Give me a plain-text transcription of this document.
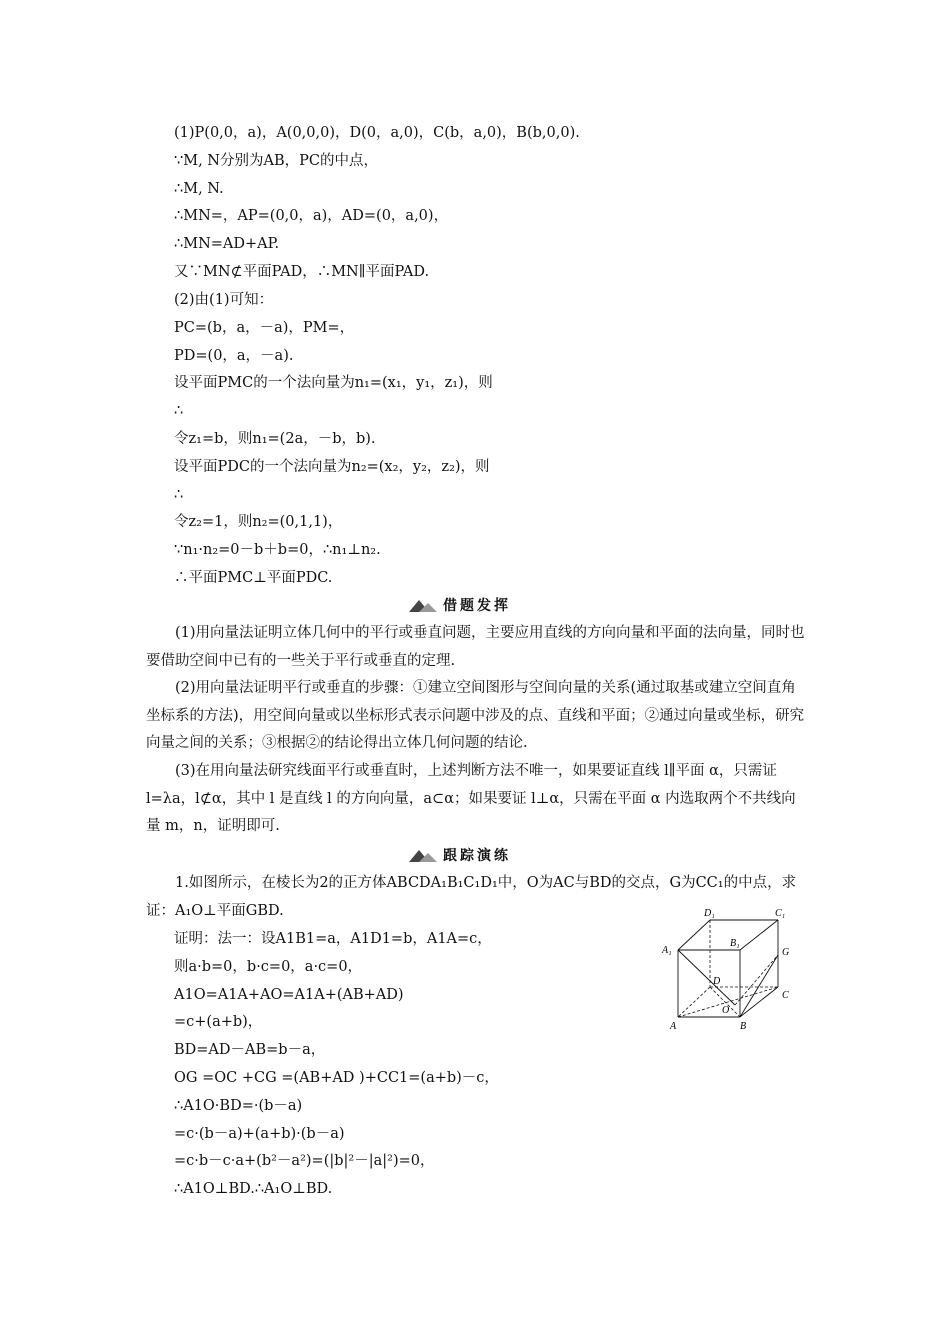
(1)P(0,0，a)，A(0,0,0)，D(0，a,0)，C(b，a,0)，B(b,0,0).
∵M, N分别为AB，PC的中点，
∴M, N.
∴MN=，AP=(0,0，a)，AD=(0，a,0)，
∴MN=AD+AP.
又∵MN⊄平面PAD，∴MN∥平面PAD.
(2)由(1)可知：
PC=(b，a，－a)，PM=，
PD=(0，a，－a).
设平面PMC的一个法向量为n₁=(x₁，y₁，z₁)，则
∴
令z₁=b，则n₁=(2a，－b，b).
设平面PDC的一个法向量为n₂=(x₂，y₂，z₂)，则
∴
令z₂=1，则n₂=(0,1,1)，
∵n₁·n₂=0－b＋b=0，∴n₁⊥n₂.
∴平面PMC⊥平面PDC.
借题发挥
(1)用向量法证明立体几何中的平行或垂直问题，主要应用直线的方向向量和平面的法向量，同时也要借助空间中已有的一些关于平行或垂直的定理.
(2)用向量法证明平行或垂直的步骤：①建立空间图形与空间向量的关系(通过取基或建立空间直角坐标系的方法)，用空间向量或以坐标形式表示问题中涉及的点、直线和平面；②通过向量或坐标，研究向量之间的关系；③根据②的结论得出立体几何问题的结论.
(3)在用向量法研究线面平行或垂直时，上述判断方法不唯一，如果要证直线 l∥平面 α，只需证 l=λa，l⊄α，其中 l 是直线 l 的方向向量，a⊂α；如果要证 l⊥α，只需在平面 α 内选取两个不共线向量 m，n，证明即可.
跟踪演练
1.如图所示，在棱长为2的正方体ABCDA₁B₁C₁D₁中，O为AC与BD的交点，G为CC₁的中点，求证：A₁O⊥平面GBD.
证明：法一：设A1B1=a，A1D1=b，A1A=c，
则a·b=0，b·c=0，a·c=0，
A1O=A1A+AO=A1A+(AB+AD)
=c+(a+b)，
BD=AD－AB=b－a，
OG =OC +CG =(AB+AD )+CC1=(a+b)－c，
∴A1O·BD=·(b－a)
=c·(b－a)+(a+b)·(b－a)
=c·b－c·a+(b²－a²)=(|b|²－|a|²)=0，
∴A1O⊥BD.∴A₁O⊥BD.
D₁	C₁
B₁
A₁	G
D
C
O
A	B
